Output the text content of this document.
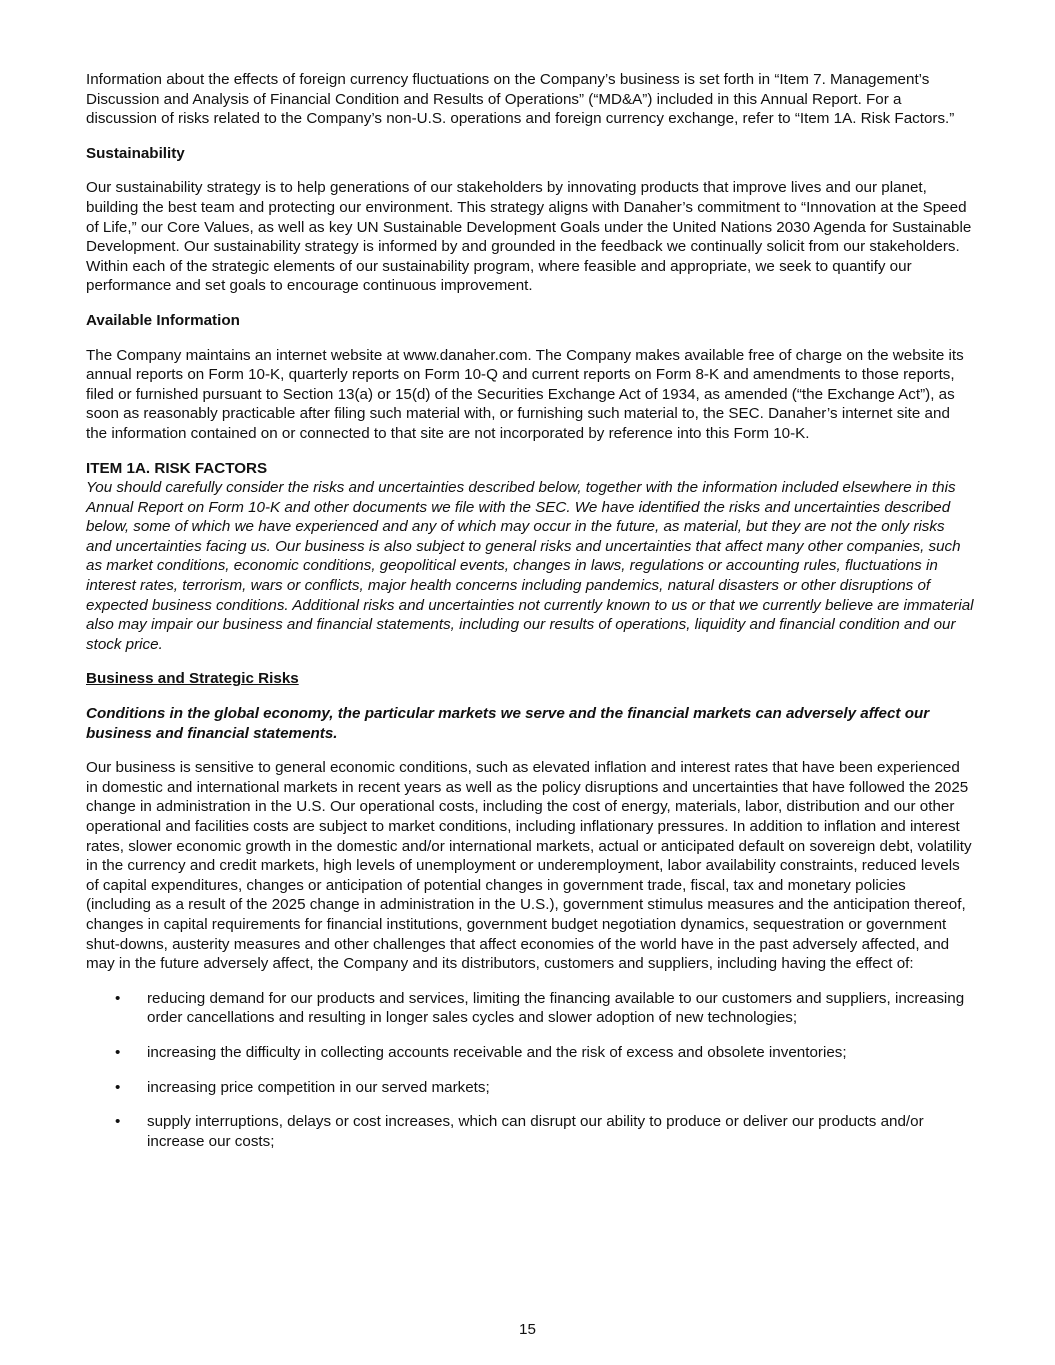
Information about the effects of foreign currency fluctuations on the Company’s business is set forth in “Item 7. Management’s Discussion and Analysis of Financial Condition and Results of Operations” (“MD&A”) included in this Annual Report. For a discussion of risks related to the Company’s non-U.S. operations and foreign currency exchange, refer to “Item 1A. Risk Factors.”

Sustainability

Our sustainability strategy is to help generations of our stakeholders by innovating products that improve lives and our planet, building the best team and protecting our environment. This strategy aligns with Danaher’s commitment to “Innovation at the Speed of Life,” our Core Values, as well as key UN Sustainable Development Goals under the United Nations 2030 Agenda for Sustainable Development. Our sustainability strategy is informed by and grounded in the feedback we continually solicit from our stakeholders. Within each of the strategic elements of our sustainability program, where feasible and appropriate, we seek to quantify our performance and set goals to encourage continuous improvement.

Available Information

The Company maintains an internet website at www.danaher.com. The Company makes available free of charge on the website its annual reports on Form 10-K, quarterly reports on Form 10-Q and current reports on Form 8-K and amendments to those reports, filed or furnished pursuant to Section 13(a) or 15(d) of the Securities Exchange Act of 1934, as amended (“the Exchange Act”), as soon as reasonably practicable after filing such material with, or furnishing such material to, the SEC. Danaher’s internet site and the information contained on or connected to that site are not incorporated by reference into this Form 10-K.

ITEM 1A. RISK FACTORS

You should carefully consider the risks and uncertainties described below, together with the information included elsewhere in this Annual Report on Form 10-K and other documents we file with the SEC. We have identified the risks and uncertainties described below, some of which we have experienced and any of which may occur in the future, as material, but they are not the only risks and uncertainties facing us. Our business is also subject to general risks and uncertainties that affect many other companies, such as market conditions, economic conditions, geopolitical events, changes in laws, regulations or accounting rules, fluctuations in interest rates, terrorism, wars or conflicts, major health concerns including pandemics, natural disasters or other disruptions of expected business conditions. Additional risks and uncertainties not currently known to us or that we currently believe are immaterial also may impair our business and financial statements, including our results of operations, liquidity and financial condition and our stock price.

Business and Strategic Risks

Conditions in the global economy, the particular markets we serve and the financial markets can adversely affect our business and financial statements.

Our business is sensitive to general economic conditions, such as elevated inflation and interest rates that have been experienced in domestic and international markets in recent years as well as the policy disruptions and uncertainties that have followed the 2025 change in administration in the U.S. Our operational costs, including the cost of energy, materials, labor, distribution and our other operational and facilities costs are subject to market conditions, including inflationary pressures. In addition to inflation and interest rates, slower economic growth in the domestic and/or international markets, actual or anticipated default on sovereign debt, volatility in the currency and credit markets, high levels of unemployment or underemployment, labor availability constraints, reduced levels of capital expenditures, changes or anticipation of potential changes in government trade, fiscal, tax and monetary policies (including as a result of the 2025 change in administration in the U.S.), government stimulus measures and the anticipation thereof, changes in capital requirements for financial institutions, government budget negotiation dynamics, sequestration or government shut-downs, austerity measures and other challenges that affect economies of the world have in the past adversely affected, and may in the future adversely affect, the Company and its distributors, customers and suppliers, including having the effect of:

• reducing demand for our products and services, limiting the financing available to our customers and suppliers, increasing order cancellations and resulting in longer sales cycles and slower adoption of new technologies;
• increasing the difficulty in collecting accounts receivable and the risk of excess and obsolete inventories;
• increasing price competition in our served markets;
• supply interruptions, delays or cost increases, which can disrupt our ability to produce or deliver our products and/or increase our costs;
15
